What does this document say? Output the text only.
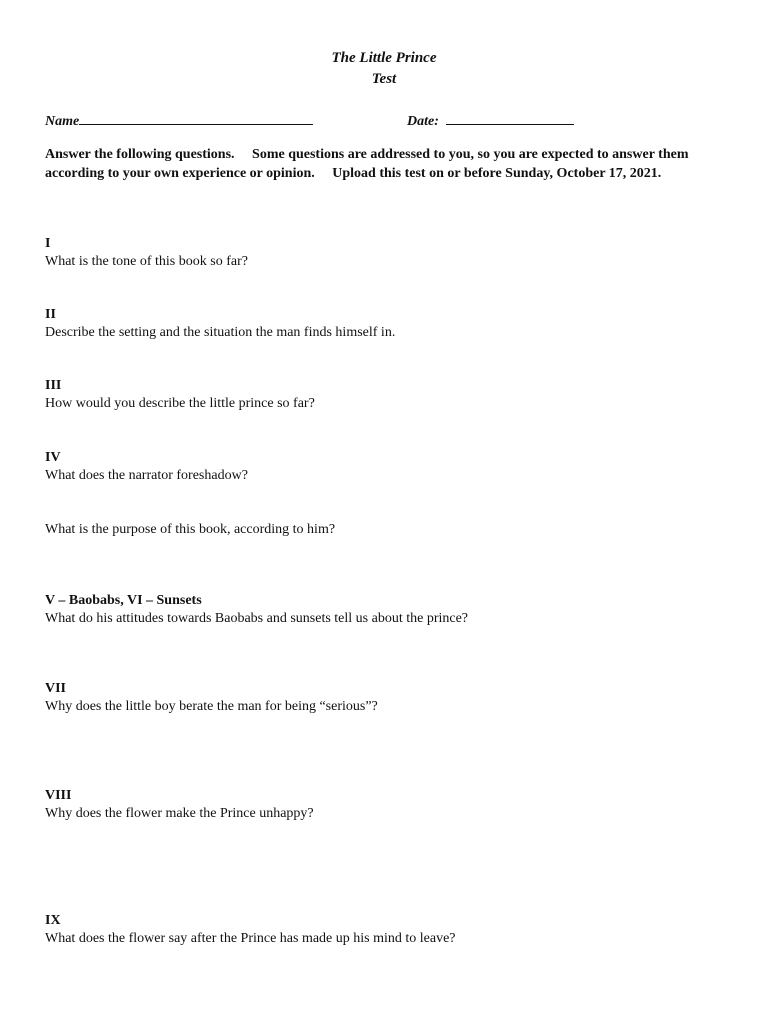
The Little Prince
Test
Name	Date:
Answer the following questions.     Some questions are addressed to you, so you are expected to answer them according to your own experience or opinion.     Upload this test on or before Sunday, October 17, 2021.
I
What is the tone of this book so far?
II
Describe the setting and the situation the man finds himself in.
III
How would you describe the little prince so far?
IV
What does the narrator foreshadow?
What is the purpose of this book, according to him?
V – Baobabs, VI – Sunsets
What do his attitudes towards Baobabs and sunsets tell us about the prince?
VII
Why does the little boy berate the man for being “serious”?
VIII
Why does the flower make the Prince unhappy?
IX
What does the flower say after the Prince has made up his mind to leave?
